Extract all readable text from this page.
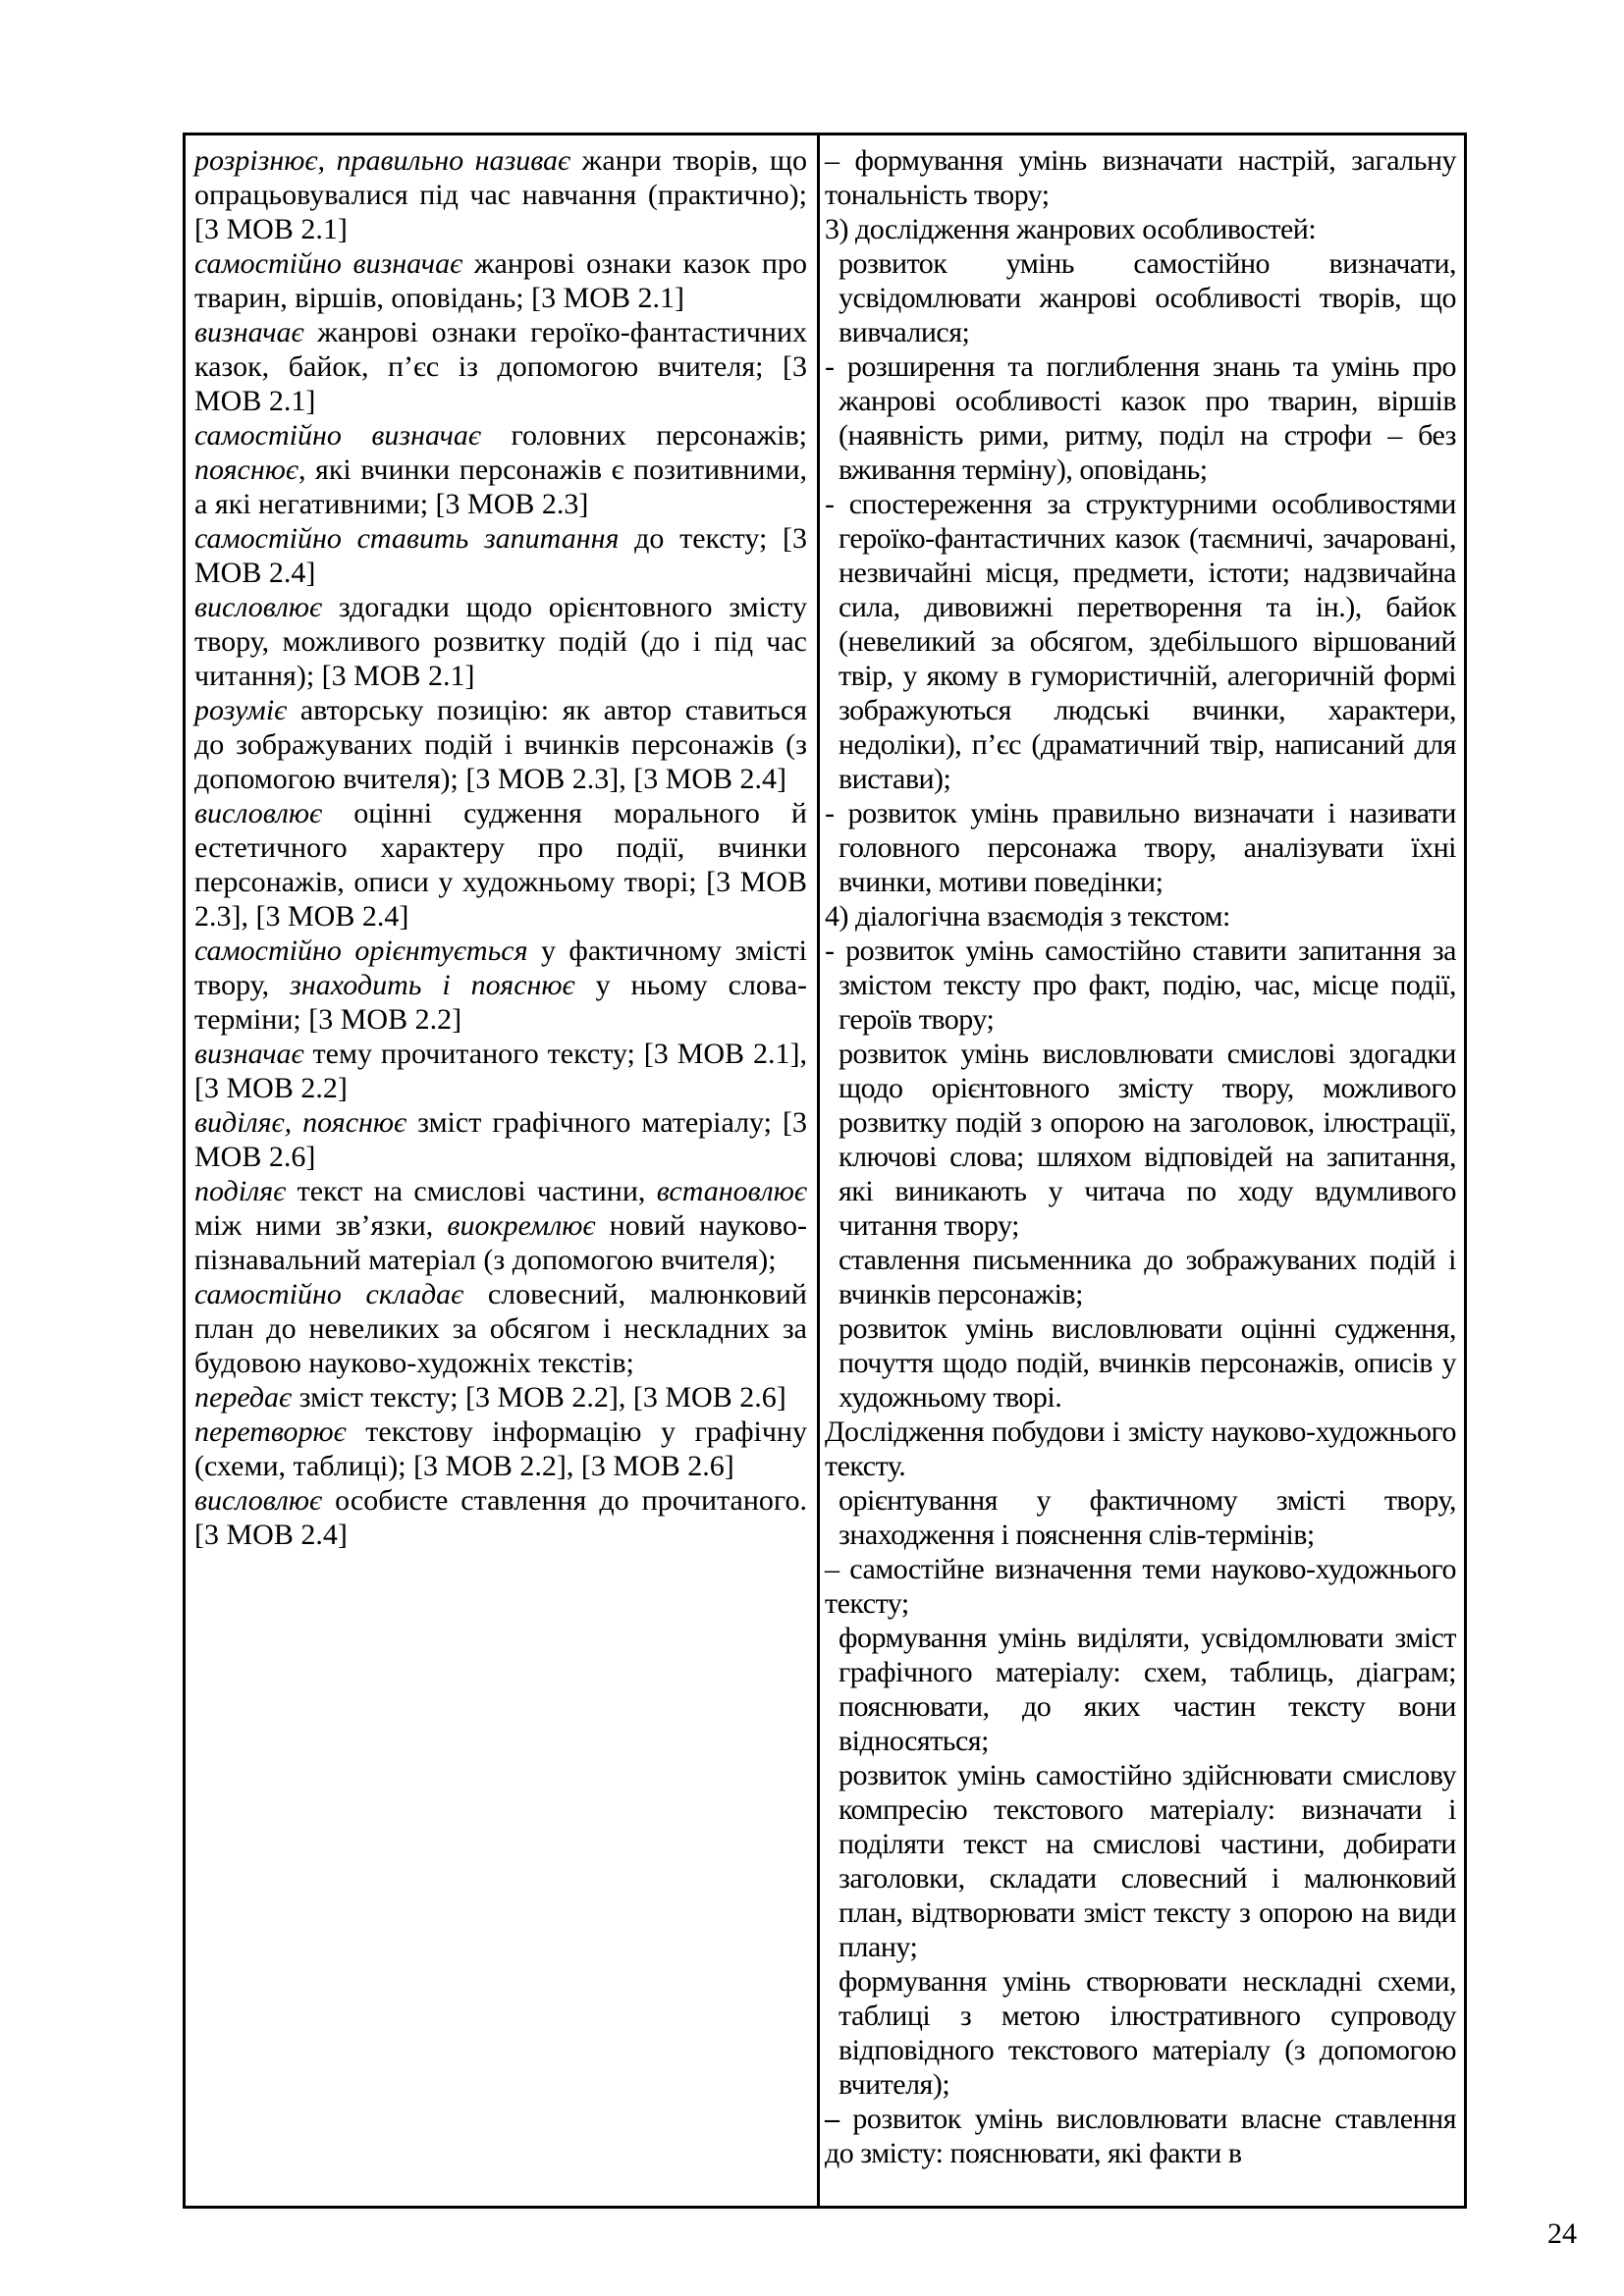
розрізнює, правильно називає жанри творів, що опрацьовувалися під час навчання (практично); [3 МОВ 2.1]

самостійно визначає жанрові ознаки казок про тварин, віршів, оповідань; [3 МОВ 2.1]

визначає жанрові ознаки героїко-фантастичних казок, байок, п’єс із допомогою вчителя; [3 МОВ 2.1]

самостійно визначає головних персонажів; пояснює, які вчинки персонажів є позитивними, а які негативними; [3 МОВ 2.3]

самостійно ставить запитання до тексту; [3 МОВ 2.4]

висловлює здогадки щодо орієнтовного змісту твору, можливого розвитку подій (до і під час читання); [3 МОВ 2.1]

розуміє авторську позицію: як автор ставиться до зображуваних подій і вчинків персонажів (з допомогою вчителя); [3 МОВ 2.3], [3 МОВ 2.4]

висловлює оцінні судження морального й естетичного характеру про події, вчинки персонажів, описи у художньому творі; [3 МОВ 2.3], [3 МОВ 2.4]

самостійно орієнтується у фактичному змісті твору, знаходить і пояснює у ньому слова-терміни; [3 МОВ 2.2]

визначає тему прочитаного тексту; [3 МОВ 2.1], [3 МОВ 2.2]

виділяє, пояснює зміст графічного матеріалу; [3 МОВ 2.6]

поділяє текст на смислові частини, встановлює між ними зв’язки, виокремлює новий науково-пізнавальний матеріал (з допомогою вчителя);

самостійно складає словесний, малюнковий план до невеликих за обсягом і нескладних за будовою науково-художніх текстів;

передає зміст тексту; [3 МОВ 2.2], [3 МОВ 2.6]

перетворює текстову інформацію у графічну (схеми, таблиці); [3 МОВ 2.2], [3 МОВ 2.6]

висловлює особисте ставлення до прочитаного. [3 МОВ 2.4]

– формування умінь визначати настрій, загальну тональність твору;

3) дослідження жанрових особливостей:

розвиток умінь самостійно визначати, усвідомлювати жанрові особливості творів, що вивчалися;

- розширення та поглиблення знань та умінь про жанрові особливості казок про тварин, віршів (наявність рими, ритму, поділ на строфи – без вживання терміну), оповідань;

- спостереження за структурними особливостями героїко-фантастичних казок (таємничі, зачаровані, незвичайні місця, предмети, істоти; надзвичайна сила, дивовижні перетворення та ін.), байок (невеликий за обсягом, здебільшого віршований твір, у якому в гумористичній, алегоричній формі зображуються людські вчинки, характери, недоліки), п’єс (драматичний твір, написаний для вистави);

- розвиток умінь правильно визначати і називати головного персонажа твору, аналізувати їхні вчинки, мотиви поведінки;

4) діалогічна взаємодія з текстом:

- розвиток умінь самостійно ставити запитання за змістом тексту про факт, подію, час, місце події, героїв твору;

розвиток умінь висловлювати смислові здогадки щодо орієнтовного змісту твору, можливого розвитку подій з опорою на заголовок, ілюстрації, ключові слова; шляхом відповідей на запитання, які виникають у читача по ходу вдумливого читання твору;

ставлення письменника до зображуваних подій і вчинків персонажів;

розвиток умінь висловлювати оцінні судження, почуття щодо подій, вчинків персонажів, описів у художньому творі.

Дослідження побудови і змісту науково-художнього тексту.

орієнтування у фактичному змісті твору, знаходження і пояснення слів-термінів;

– самостійне визначення теми науково-художнього тексту;

формування умінь виділяти, усвідомлювати зміст графічного матеріалу: схем, таблиць, діаграм; пояснювати, до яких частин тексту вони відносяться;

розвиток умінь самостійно здійснювати смислову компресію текстового матеріалу: визначати і поділяти текст на смислові частини, добирати заголовки, складати словесний і малюнковий план, відтворювати зміст тексту з опорою на види плану;

формування умінь створювати нескладні схеми, таблиці з метою ілюстративного супроводу відповідного текстового матеріалу (з допомогою вчителя);

– розвиток умінь висловлювати власне ставлення до змісту: пояснювати, які факти в

24
